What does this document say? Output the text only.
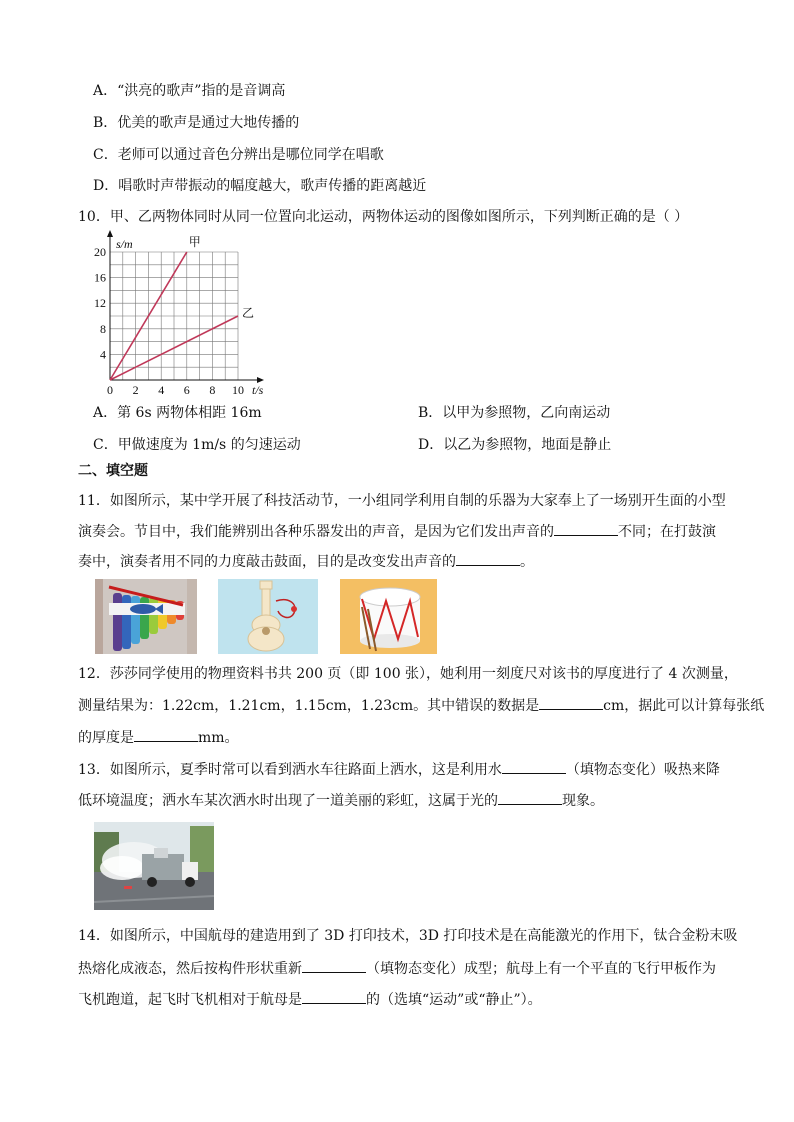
A．“洪亮的歌声”指的是音调高
B．优美的歌声是通过大地传播的
C．老师可以通过音色分辨出是哪位同学在唱歌
D．唱歌时声带振动的幅度越大，歌声传播的距离越近
10．甲、乙两物体同时从同一位置向北运动，两物体运动的图像如图所示，下列判断正确的是（ ）
0 2 4 6 8 10
4
8
12
16
20
t/s
s/m	甲
乙
A．第 6s 两物体相距 16m	B．以甲为参照物，乙向南运动
C．甲做速度为 1m/s 的匀速运动	D．以乙为参照物，地面是静止
二、填空题
11．如图所示，某中学开展了科技活动节，一小组同学利用自制的乐器为大家奉上了一场别开生面的小型
演奏会。节目中，我们能辨别出各种乐器发出的声音，是因为它们发出声音的	不同；在打鼓演
奏中，演奏者用不同的力度敲击鼓面，目的是改变发出声音的	。
12．莎莎同学使用的物理资料书共 200 页（即 100 张），她利用一刻度尺对该书的厚度进行了 4 次测量，
测量结果为：1.22cm，1.21cm，1.15cm，1.23cm。其中错误的数据是	cm，据此可以计算每张纸
的厚度是	mm。
13．如图所示，夏季时常可以看到洒水车往路面上洒水，这是利用水	（填物态变化）吸热来降
低环境温度；洒水车某次洒水时出现了一道美丽的彩虹，这属于光的	现象。
14．如图所示，中国航母的建造用到了 3D 打印技术，3D 打印技术是在高能激光的作用下，钛合金粉末吸
热熔化成液态，然后按构件形状重新	（填物态变化）成型；航母上有一个平直的飞行甲板作为
飞机跑道，起飞时飞机相对于航母是	的（选填“运动”或“静止”）。
